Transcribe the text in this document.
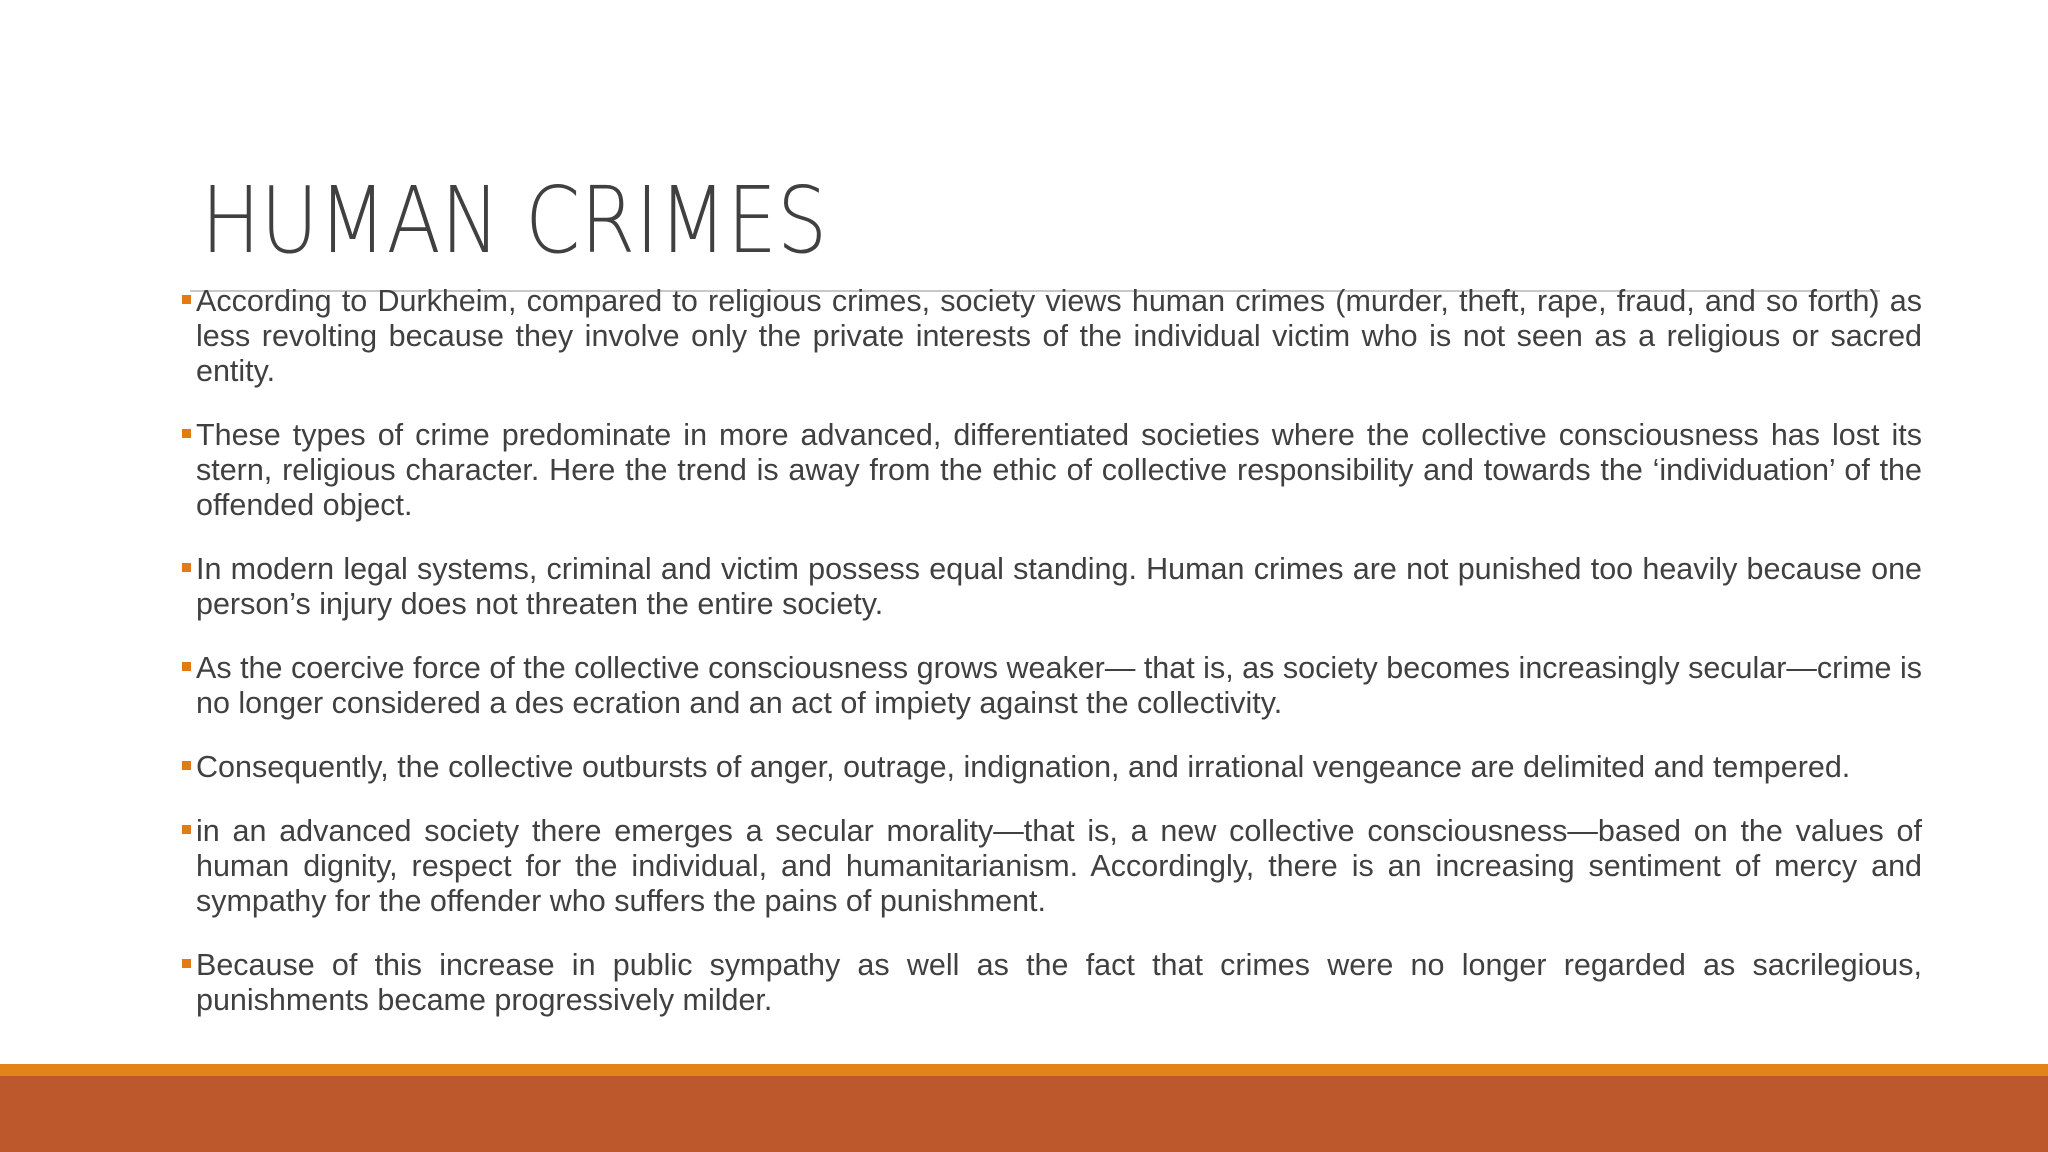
HUMAN CRIMES
According to Durkheim, compared to religious crimes, society views human crimes (murder, theft, rape, fraud, and so forth) as less revolting because they involve only the private interests of the individual victim who is not seen as a religious or sacred entity.
These types of crime predominate in more advanced, differentiated societies where the collective consciousness has lost its stern, religious character. Here the trend is away from the ethic of collective responsibility and towards the ‘individuation’ of the offended object.
In modern legal systems, criminal and victim possess equal standing. Human crimes are not punished too heavily because one person’s injury does not threaten the entire society.
As the coercive force of the collective consciousness grows weaker— that is, as society becomes increasingly secular—crime is no longer considered a des ecration and an act of impiety against the collectivity.
Consequently, the collective outbursts of anger, outrage, indignation, and irrational vengeance are delimited and tempered.
in an advanced society there emerges a secular morality—that is, a new collective consciousness—based on the values of human dignity, respect for the individual, and humanitarianism. Accordingly, there is an increasing sentiment of mercy and sympathy for the offender who suffers the pains of punishment.
Because of this increase in public sympathy as well as the fact that crimes were no longer regarded as sacrilegious, punishments became progressively milder.
